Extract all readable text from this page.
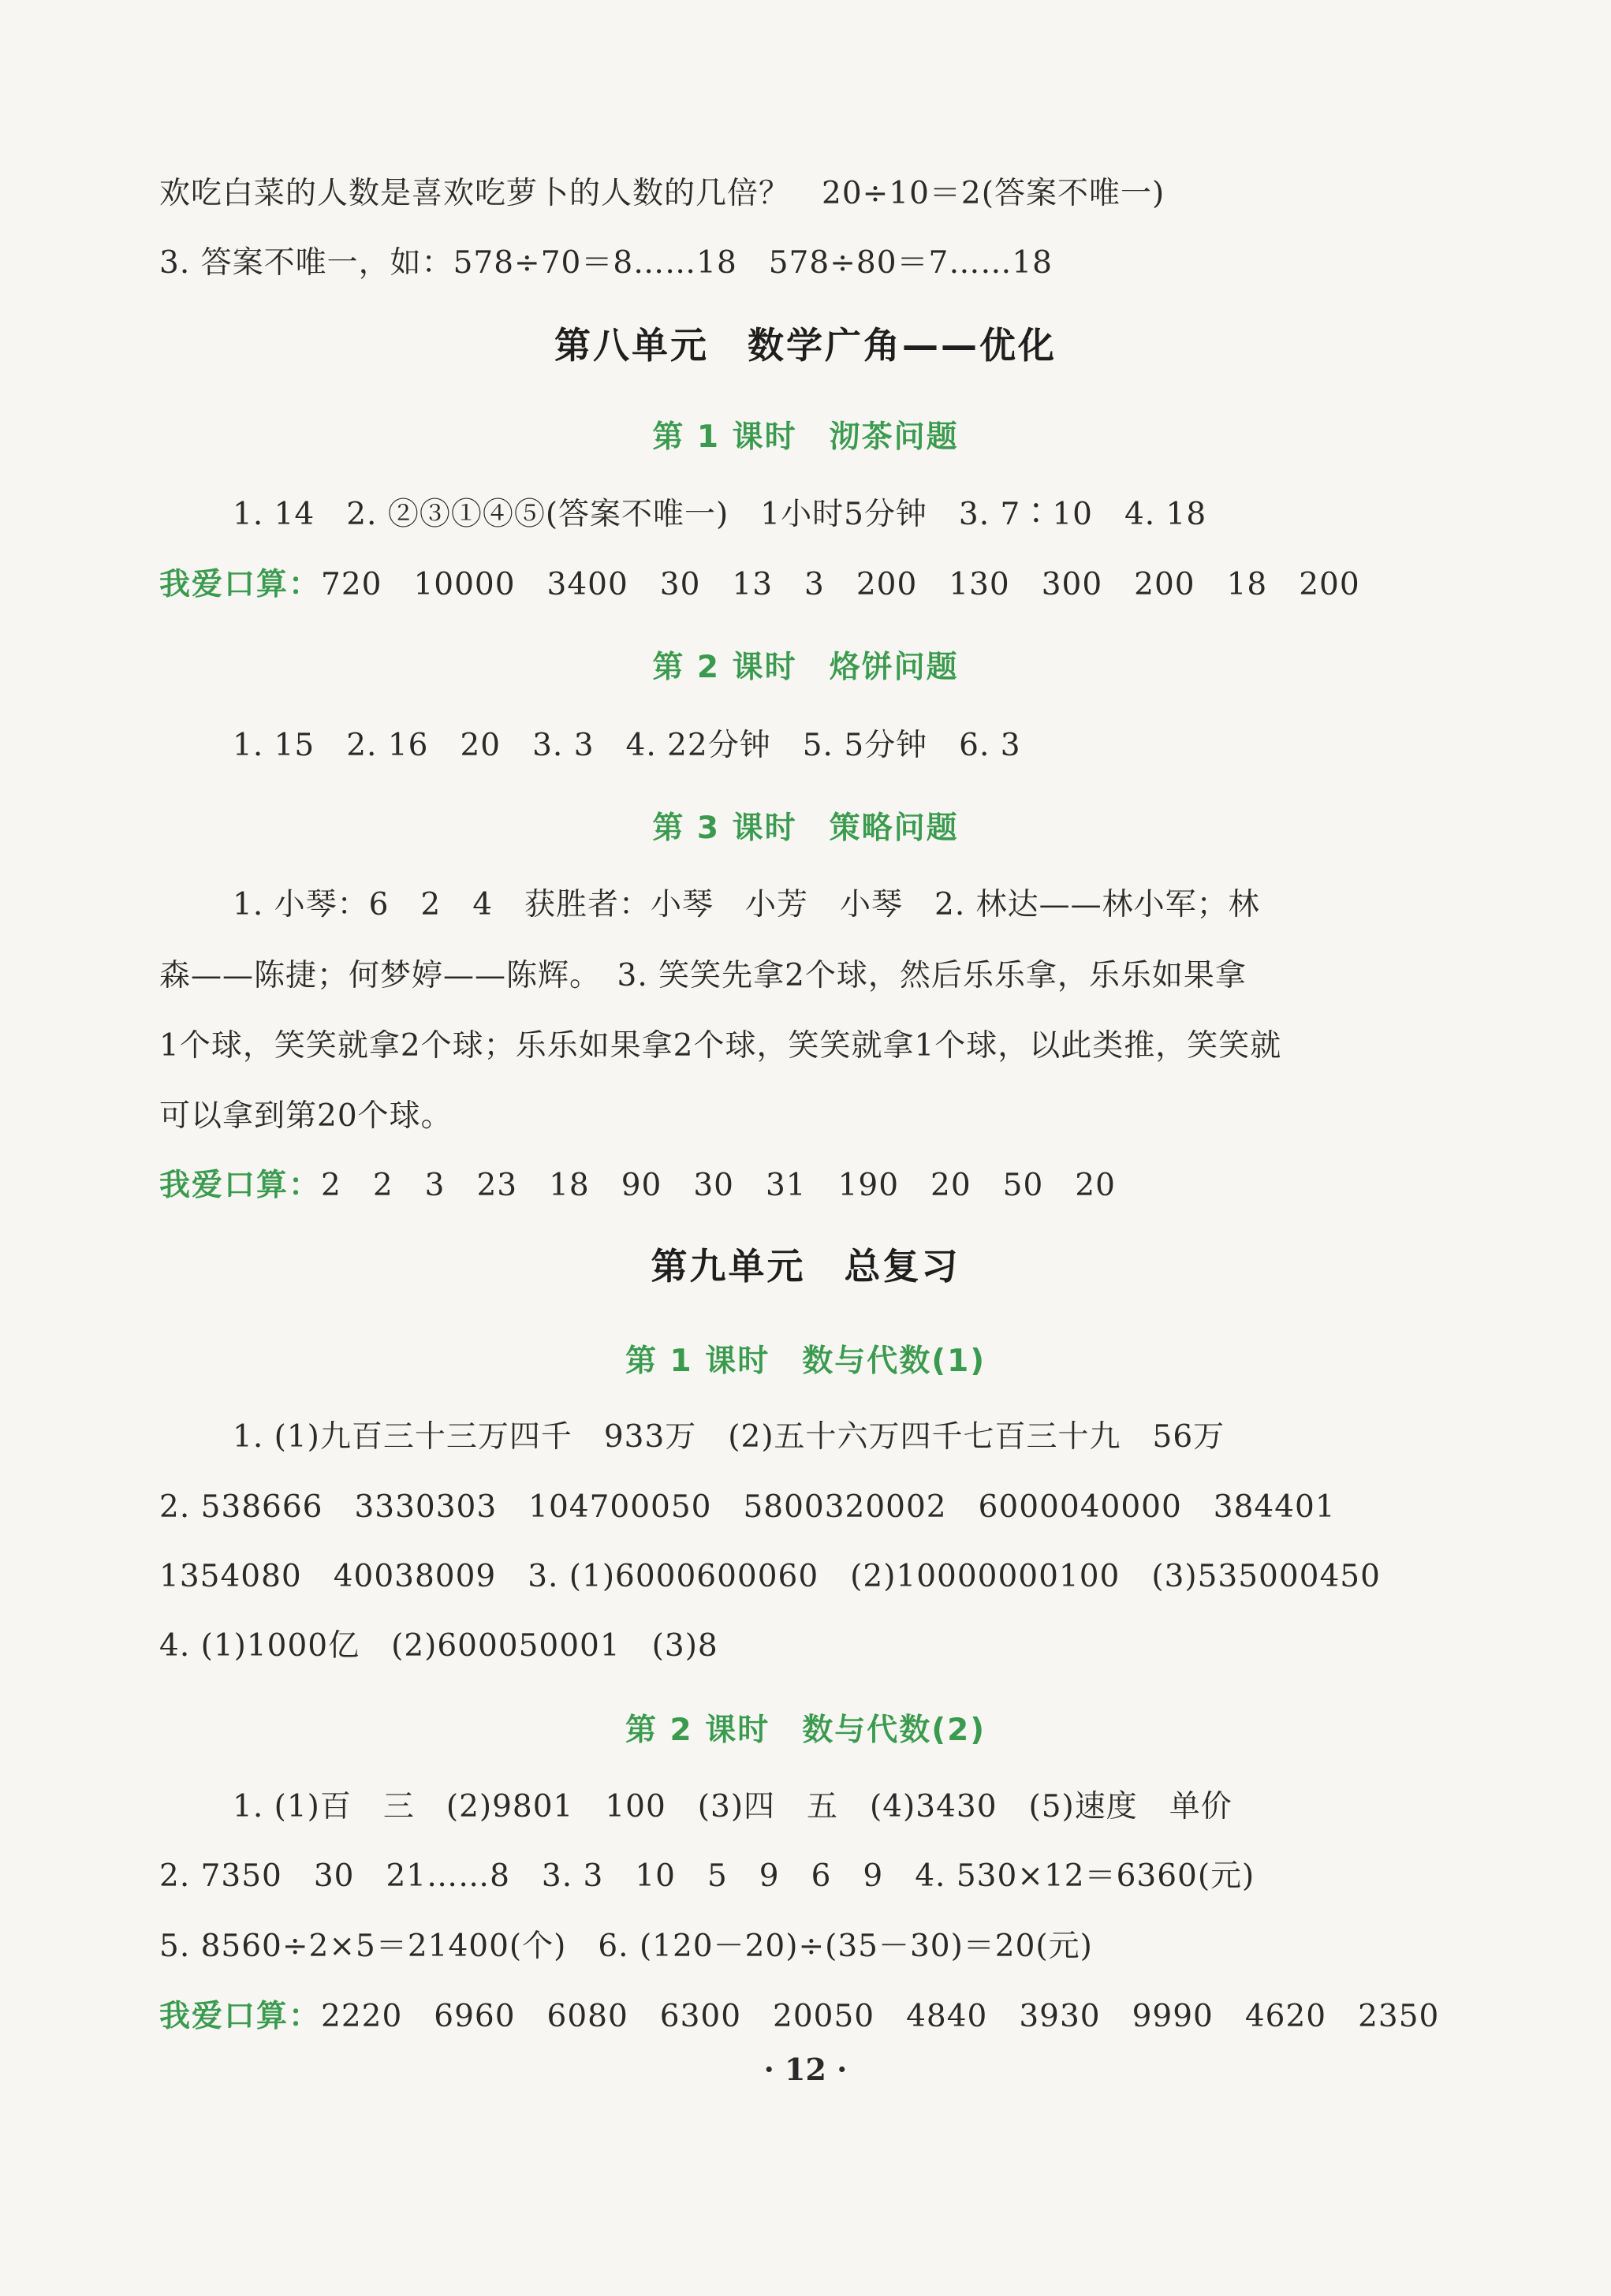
欢吃白菜的人数是喜欢吃萝卜的人数的几倍？　20÷10＝2(答案不唯一)
3. 答案不唯一，如：578÷70＝8……18　578÷80＝7……18
第八单元　数学广角——优化
第 1 课时　沏茶问题
1. 14　2. ②③①④⑤(答案不唯一)　1小时5分钟　3. 7∶10　4. 18
我爱口算：720　10000　3400　30　13　3　200　130　300　200　18　200
第 2 课时　烙饼问题
1. 15　2. 16　20　3. 3　4. 22分钟　5. 5分钟　6. 3
第 3 课时　策略问题
1. 小琴：6　2　4　获胜者：小琴　小芳　小琴　2. 林达——林小军；林
森——陈捷；何梦婷——陈辉。　3. 笑笑先拿2个球，然后乐乐拿，乐乐如果拿
1个球，笑笑就拿2个球；乐乐如果拿2个球，笑笑就拿1个球，以此类推，笑笑就
可以拿到第20个球。
我爱口算：2　2　3　23　18　90　30　31　190　20　50　20
第九单元　总复习
第 1 课时　数与代数(1)
1. (1)九百三十三万四千　933万　(2)五十六万四千七百三十九　56万
2. 538666　3330303　104700050　5800320002　6000040000　384401
1354080　40038009　3. (1)6000600060　(2)10000000100　(3)535000450
4. (1)1000亿　(2)600050001　(3)8
第 2 课时　数与代数(2)
1. (1)百　三　(2)9801　100　(3)四　五　(4)3430　(5)速度　单价
2. 7350　30　21……8　3. 3　10　5　9　6　9　4. 530×12＝6360(元)
5. 8560÷2×5＝21400(个)　6. (120－20)÷(35－30)＝20(元)
我爱口算：2220　6960　6080　6300　20050　4840　3930　9990　4620　2350
· 12 ·
